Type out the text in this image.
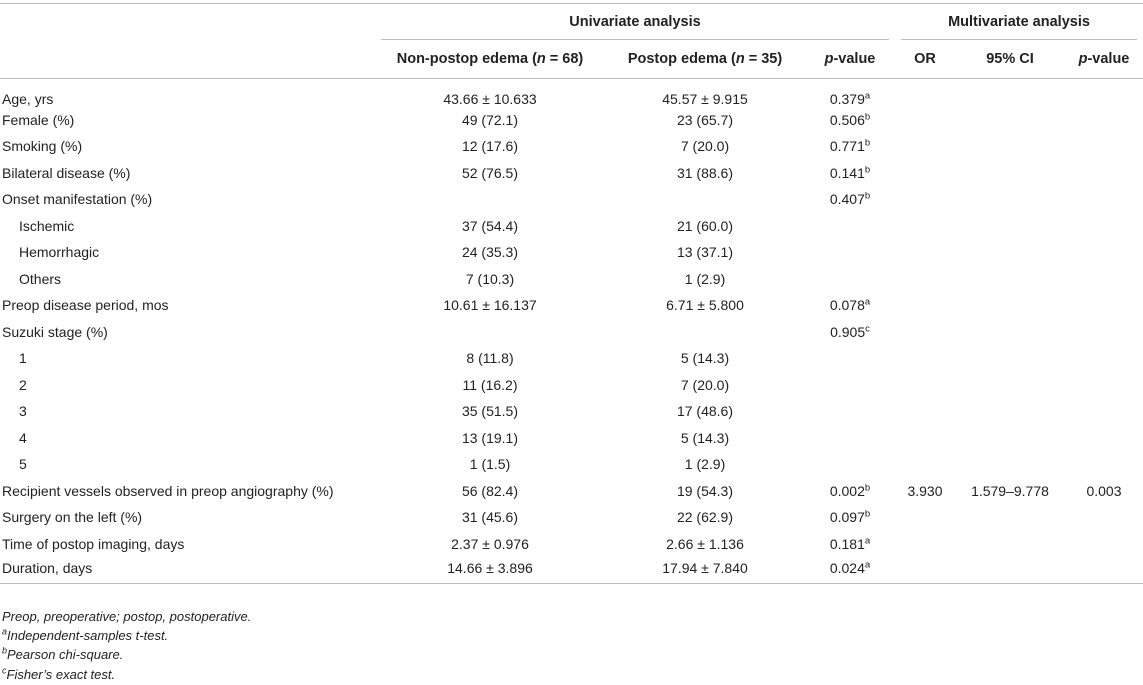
	Univariate analysis			Multivariate analysis		
	Non-postop edema (n = 68)	Postop edema (n = 35)	p-value	OR	95% CI	p-value
Age, yrs	43.66 ± 10.633	45.57 ± 9.915	0.379$^a$			
Female (%)	49 (72.1)	23 (65.7)	0.506$^b$			
Smoking (%)	12 (17.6)	7 (20.0)	0.771$^b$			
Bilateral disease (%)	52 (76.5)	31 (88.6)	0.141$^b$			
Onset manifestation (%)			0.407$^b$			
Ischemic	37 (54.4)	21 (60.0)				
Hemorrhagic	24 (35.3)	13 (37.1)				
Others	7 (10.3)	1 (2.9)				
Preop disease period, mos	10.61 ± 16.137	6.71 ± 5.800	0.078$^a$			
Suzuki stage (%)			0.905$^c$			
1	8 (11.8)	5 (14.3)				
2	11 (16.2)	7 (20.0)				
3	35 (51.5)	17 (48.6)				
4	13 (19.1)	5 (14.3)				
5	1 (1.5)	1 (2.9)				
Recipient vessels observed in preop angiography (%)	56 (82.4)	19 (54.3)	0.002$^b$	3.930	1.579–9.778	0.003
Surgery on the left (%)	31 (45.6)	22 (62.9)	0.097$^b$			
Time of postop imaging, days	2.37 ± 0.976	2.66 ± 1.136	0.181$^a$			
Duration, days	14.66 ± 3.896	17.94 ± 7.840	0.024$^a$			
Preop, preoperative; postop, postoperative.
$^a$Independent-samples t-test.
$^b$Pearson chi-square.
$^c$Fisher’s exact test.
